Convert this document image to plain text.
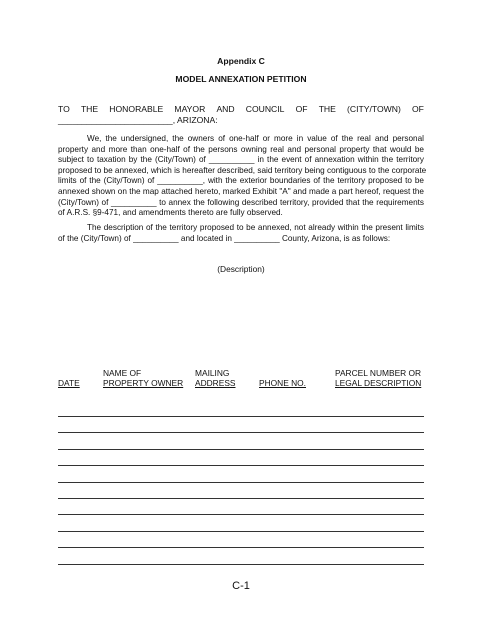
Appendix C
MODEL ANNEXATION PETITION
TO THE HONORABLE MAYOR AND COUNCIL OF THE (CITY/TOWN) OF
________________________, ARIZONA:
We, the undersigned, the owners of one-half or more in value of the real and personal
property and more than one-half of the persons owning real and personal property that would be
subject to taxation by the (City/Town) of __________ in the event of annexation within the territory
proposed to be annexed, which is hereafter described, said territory being contiguous to the corporate
limits of the (City/Town) of __________, with the exterior boundaries of the territory proposed to be
annexed shown on the map attached hereto, marked Exhibit "A" and made a part hereof, request the
(City/Town) of __________ to annex the following described territory, provided that the requirements
of A.R.S. §9-471, and amendments thereto are fully observed.
The description of the territory proposed to be annexed, not already within the present limits
of the (City/Town) of __________ and located in __________ County, Arizona, is as follows:
(Description)

DATE
NAME OF

PROPERTY OWNER
MAILING

ADDRESS
	PHONE NO.
PARCEL NUMBER OR

LEGAL DESCRIPTION
C-1
